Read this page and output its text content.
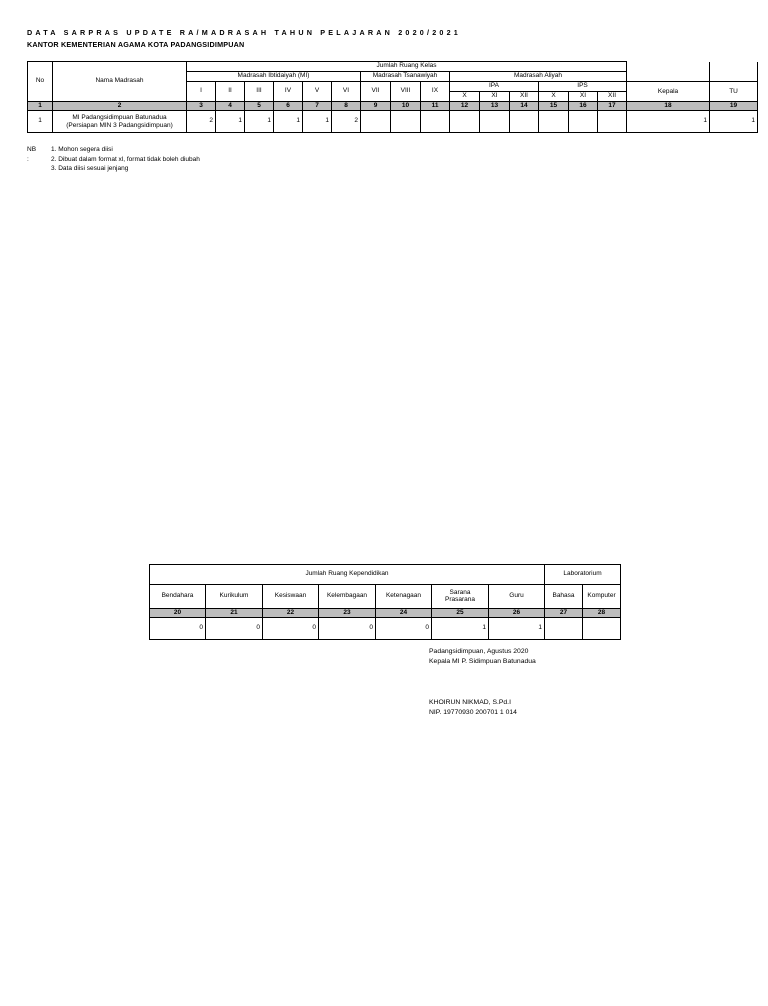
DATA SARPRAS UPDATE RA/MADRASAH TAHUN PELAJARAN 2020/2021
KANTOR KEMENTERIAN AGAMA KOTA PADANGSIDIMPUAN
No	Nama Madrasah	Jumlah Ruang Kelas															Kepala	TU

		Madrasah Ibtidaiyah (MI)						Madrasah Tsanawiyah			Madrasah Aliyah							
		I	II	III	IV	V	VI	VII	VIII	IX	IPA			IPS				
											X	XI	XII	X	XI	XII		
1	2	3	4	5	6	7	8	9	10	11	12	13	14	15	16	17	18	19
1	MI Padangsidimpuan Batunadua
(Persiapan MIN 3 Padangsidimpuan)	2	1	1	1	1	2										1	1
NB :
1. Mohon segera diisi
2. Dibuat dalam format xl, format tidak boleh diubah
3. Data diisi sesuai jenjang
Jumlah Ruang Kependidikan							Laboratorium	
Bendahara	Kurikulum	Kesiswaan	Kelembagaan	Ketenagaan	Sarana Prasarana	Guru	Bahasa	Komputer
20	21	22	23	24	25	26	27	28
0	0	0	0	0	1	1		
Padangsidimpuan, Agustus 2020
Kepala MI P. Sidimpuan Batunadua
KHOIRUN NIKMAD, S.Pd.I
NIP. 19770930 200701 1 014
